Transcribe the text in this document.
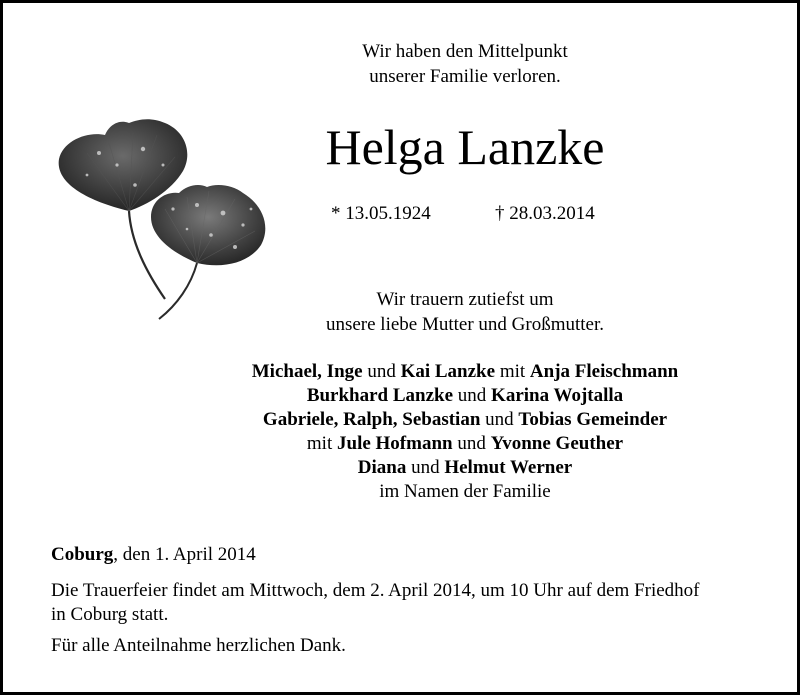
Wir haben den Mittelpunkt
unserer Familie verloren.
Helga Lanzke
* 13.05.1924	† 28.03.2014
Wir trauern zutiefst um
unsere liebe Mutter und Großmutter.
Michael, Inge und Kai Lanzke mit Anja Fleischmann
Burkhard Lanzke und Karina Wojtalla
Gabriele, Ralph, Sebastian und Tobias Gemeinder
mit Jule Hofmann und Yvonne Geuther
Diana und Helmut Werner
im Namen der Familie
Coburg, den 1. April 2014
Die Trauerfeier findet am Mittwoch, dem 2. April 2014, um 10 Uhr auf dem Friedhof
in Coburg statt.
Für alle Anteilnahme herzlichen Dank.
